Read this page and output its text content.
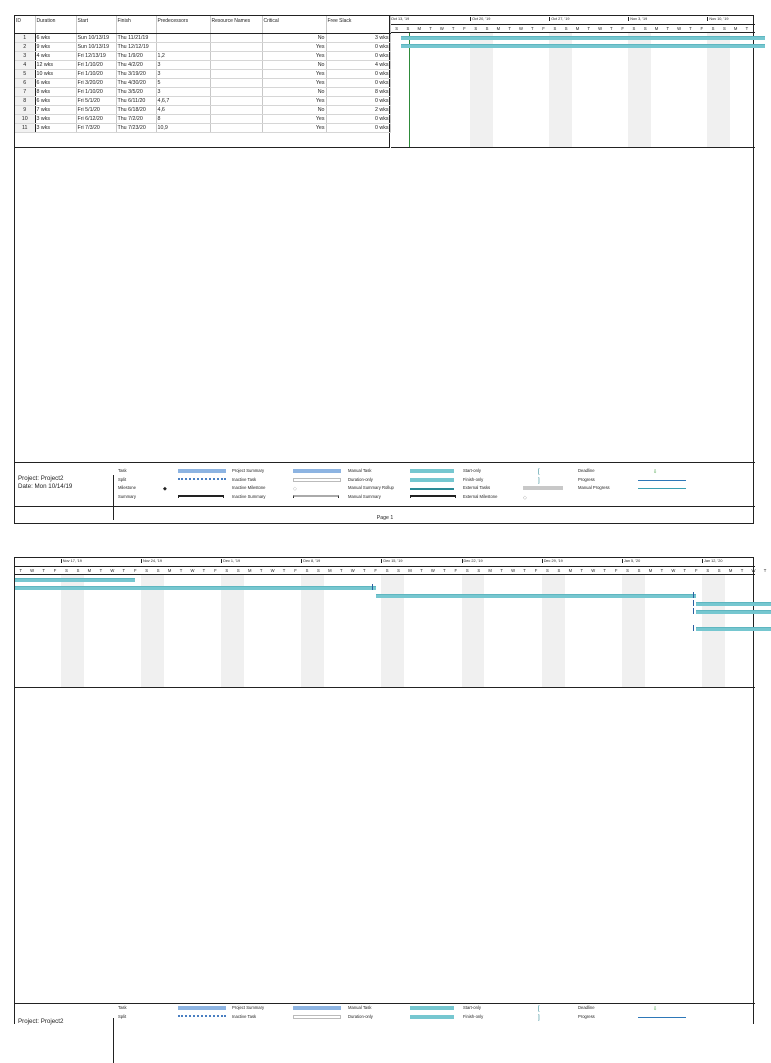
ID	Duration	Start	Finish	Predecessors	Resource Names	Critical	Free Slack
1	6 wks	Sun 10/13/19	Thu 11/21/19			No	3 wks
2	9 wks	Sun 10/13/19	Thu 12/12/19			Yes	0 wks
3	4 wks	Fri 12/13/19	Thu 1/9/20	1,2		Yes	0 wks
4	12 wks	Fri 1/10/20	Thu 4/2/20	3		No	4 wks
5	10 wks	Fri 1/10/20	Thu 3/19/20	3		Yes	0 wks
6	6 wks	Fri 3/20/20	Thu 4/30/20	5		Yes	0 wks
7	8 wks	Fri 1/10/20	Thu 3/5/20	3		No	8 wks
8	6 wks	Fri 5/1/20	Thu 6/11/20	4,6,7		Yes	0 wks
9	7 wks	Fri 5/1/20	Thu 6/18/20	4,6		No	2 wks
10	3 wks	Fri 6/12/20	Thu 7/2/20	8		Yes	0 wks
11	3 wks	Fri 7/3/20	Thu 7/23/20	10,9		Yes	0 wks
S	S	M	T	W	T	F	S	S	M	T	W	T	F	S	S	M	T	W	T	F	S	S	M	T	W	T	F	S	S	M	T
Oct 13, '19	Oct 20, '19	Oct 27, '19	Nov 3, '19	Nov 10, '19
Project: Project2
Date: Mon 10/14/19
Task
Split
Milestone	◆
Summary
Project Summary
Inactive Task
Inactive Milestone	◇
Inactive Summary
Manual Task
Duration-only
Manual Summary Rollup
Manual Summary
Start-only	[
Finish-only	]
External Tasks
External Milestone	◇
Deadline	⇩
Progress
Manual Progress
Page 1
T	W	T	F	S	S	M	T	W	T	F	S	S	M	T	W	T	F	S	S	M	T	W	T	F	S	S	M	T	W	T	F	S	S	M	T	W	T	F	S	S	M	T	W	T	F	S	S	M	T	W	T	F	S	S	M	T	W	T	F	S	S	M	T	W	T
Nov 17, '19	Nov 24, '19	Dec 1, '19	Dec 8, '19	Dec 15, '19	Dec 22, '19	Dec 29, '19	Jan 5, '20	Jan 12, '20
Project: Project2
Task
Split
Project Summary
Inactive Task
Manual Task
Duration-only
Start-only	[
Finish-only	]
Deadline	⇩
Progress
